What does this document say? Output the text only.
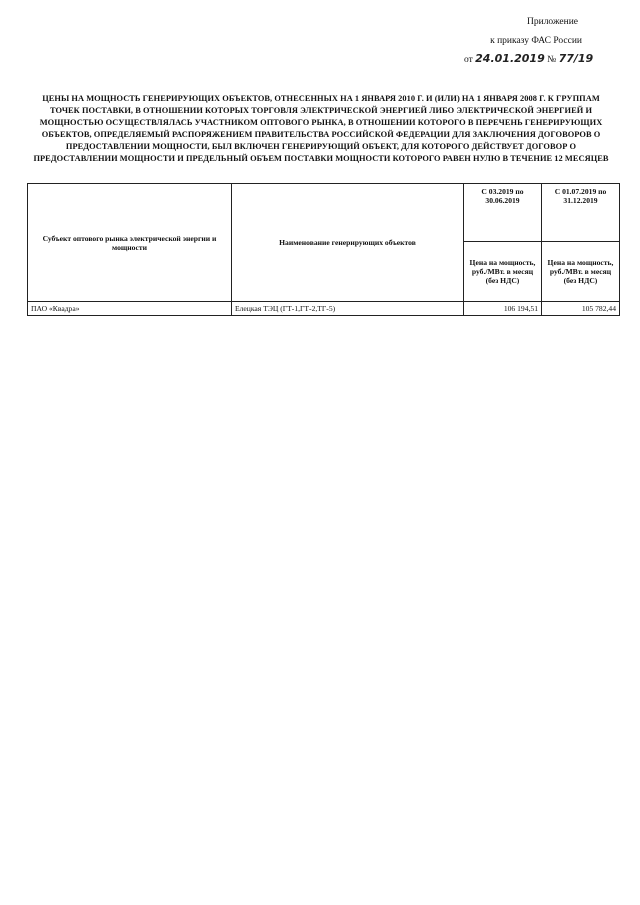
Приложение
к приказу ФАС России
от 24.01.2019 № 77/19
ЦЕНЫ НА МОЩНОСТЬ ГЕНЕРИРУЮЩИХ ОБЪЕКТОВ, ОТНЕСЕННЫХ НА 1 ЯНВАРЯ 2010 Г. И (ИЛИ) НА 1 ЯНВАРЯ 2008 Г. К ГРУППАМ ТОЧЕК ПОСТАВКИ, В ОТНОШЕНИИ КОТОРЫХ ТОРГОВЛЯ ЭЛЕКТРИЧЕСКОЙ ЭНЕРГИЕЙ ЛИБО ЭЛЕКТРИЧЕСКОЙ ЭНЕРГИЕЙ И МОЩНОСТЬЮ ОСУЩЕСТВЛЯЛАСЬ УЧАСТНИКОМ ОПТОВОГО РЫНКА, В ОТНОШЕНИИ КОТОРОГО В ПЕРЕЧЕНЬ ГЕНЕРИРУЮЩИХ ОБЪЕКТОВ, ОПРЕДЕЛЯЕМЫЙ РАСПОРЯЖЕНИЕМ ПРАВИТЕЛЬСТВА РОССИЙСКОЙ ФЕДЕРАЦИИ ДЛЯ ЗАКЛЮЧЕНИЯ ДОГОВОРОВ О ПРЕДОСТАВЛЕНИИ МОЩНОСТИ, БЫЛ ВКЛЮЧЕН ГЕНЕРИРУЮЩИЙ ОБЪЕКТ, ДЛЯ КОТОРОГО ДЕЙСТВУЕТ ДОГОВОР О ПРЕДОСТАВЛЕНИИ МОЩНОСТИ И ПРЕДЕЛЬНЫЙ ОБЪЕМ ПОСТАВКИ МОЩНОСТИ КОТОРОГО РАВЕН НУЛЮ В ТЕЧЕНИЕ 12 МЕСЯЦЕВ
Субъект оптового рынка электрической энергии и мощности	Наименование генерирующих объектов	С 03.2019 по 30.06.2019	С 01.07.2019 по 31.12.2019
		Цена на мощность, руб./МВт. в месяц (без НДС)	Цена на мощность, руб./МВт. в месяц (без НДС)
ПАО «Квадра»	Елецкая ТЭЦ (ГТ-1,ГТ-2,ТГ-5)	106 194,51	105 782,44
